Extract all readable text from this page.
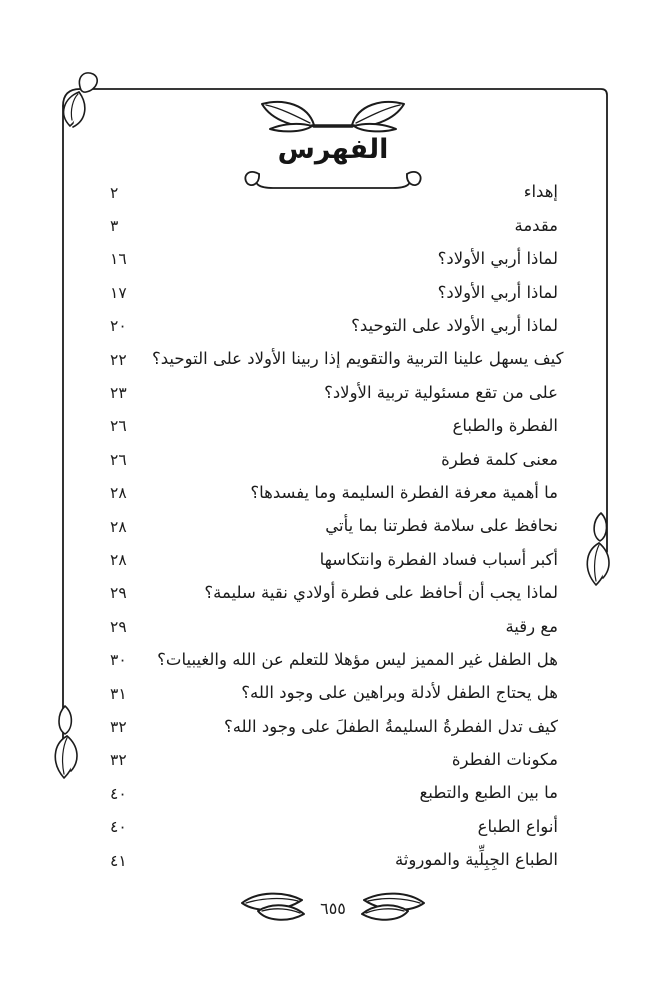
الفهرس
٢	إهداء
٣	مقدمة
١٦	لماذا أربي الأولاد؟
١٧	لماذا أربي الأولاد؟
٢٠	لماذا أربي الأولاد على التوحيد؟
٢٢	كيف يسهل علينا التربية والتقويم إذا ربينا الأولاد على التوحيد؟
٢٣	على من تقع مسئولية تربية الأولاد؟
٢٦	الفطرة والطباع
٢٦	معنى كلمة فطرة
٢٨	ما أهمية معرفة الفطرة السليمة وما يفسدها؟
٢٨	نحافظ على سلامة فطرتنا بما يأتي
٢٨	أكبر أسباب فساد الفطرة وانتكاسها
٢٩	لماذا يجب أن أحافظ على فطرة أولادي نقية سليمة؟
٢٩	مع رقية
٣٠	هل الطفل غير المميز ليس مؤهلا للتعلم عن الله والغيبيات؟
٣١	هل يحتاج الطفل لأدلة وبراهين على وجود الله؟
٣٢	كيف تدل الفطرةُ السليمةُ الطفلَ على وجود الله؟
٣٢	مكونات الفطرة
٤٠	ما بين الطبع والتطبع
٤٠	أنواع الطباع
٤١	الطباع الجِبِلِّية والموروثة
٦٥٥
